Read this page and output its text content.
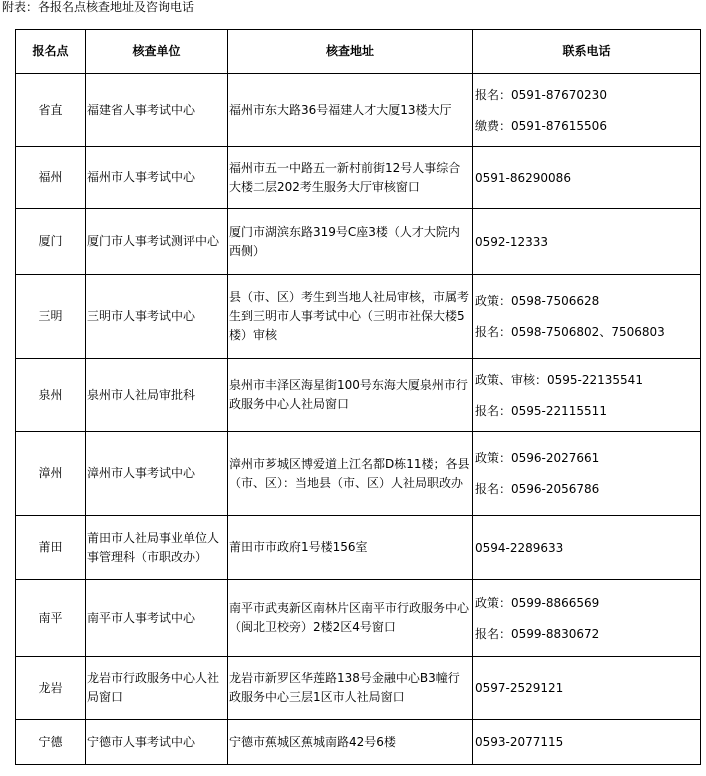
附表：各报名点核查地址及咨询电话
报名点	核查单位	核查地址	联系电话
省直	福建省人事考试中心	福州市东大路36号福建人才大厦13楼大厅	报名：0591-87670230
缴费：0591-87615506

福州	福州市人事考试中心	福州市五一中路五一新村前街12号人事综合大楼二层202考生服务大厅审核窗口	0591-86290086

厦门	厦门市人事考试测评中心	厦门市湖滨东路319号C座3楼（人才大院内西侧）	0592-12333

三明	三明市人事考试中心	县（市、区）考生到当地人社局审核，市属考生到三明市人事考试中心（三明市社保大楼5楼）审核	政策：0598-7506628
报名：0598-7506802、7506803

泉州	泉州市人社局审批科	泉州市丰泽区海星街100号东海大厦泉州市行政服务中心人社局窗口	政策、审核：0595-22135541
报名：0595-22115511

漳州	漳州市人事考试中心	漳州市芗城区博爱道上江名都D栋11楼；各县（市、区）：当地县（市、区）人社局职改办	政策：0596-2027661
报名：0596-2056786

莆田	莆田市人社局事业单位人事管理科（市职改办）	莆田市市政府1号楼156室	0594-2289633

南平	南平市人事考试中心	南平市武夷新区南林片区南平市行政服务中心（闽北卫校旁）2楼2区4号窗口	政策：0599-8866569
报名：0599-8830672

龙岩	龙岩市行政服务中心人社局窗口	龙岩市新罗区华莲路138号金融中心B3幢行政服务中心三层1区市人社局窗口	0597-2529121

宁德	宁德市人事考试中心	宁德市蕉城区蕉城南路42号6楼	0593-2077115
